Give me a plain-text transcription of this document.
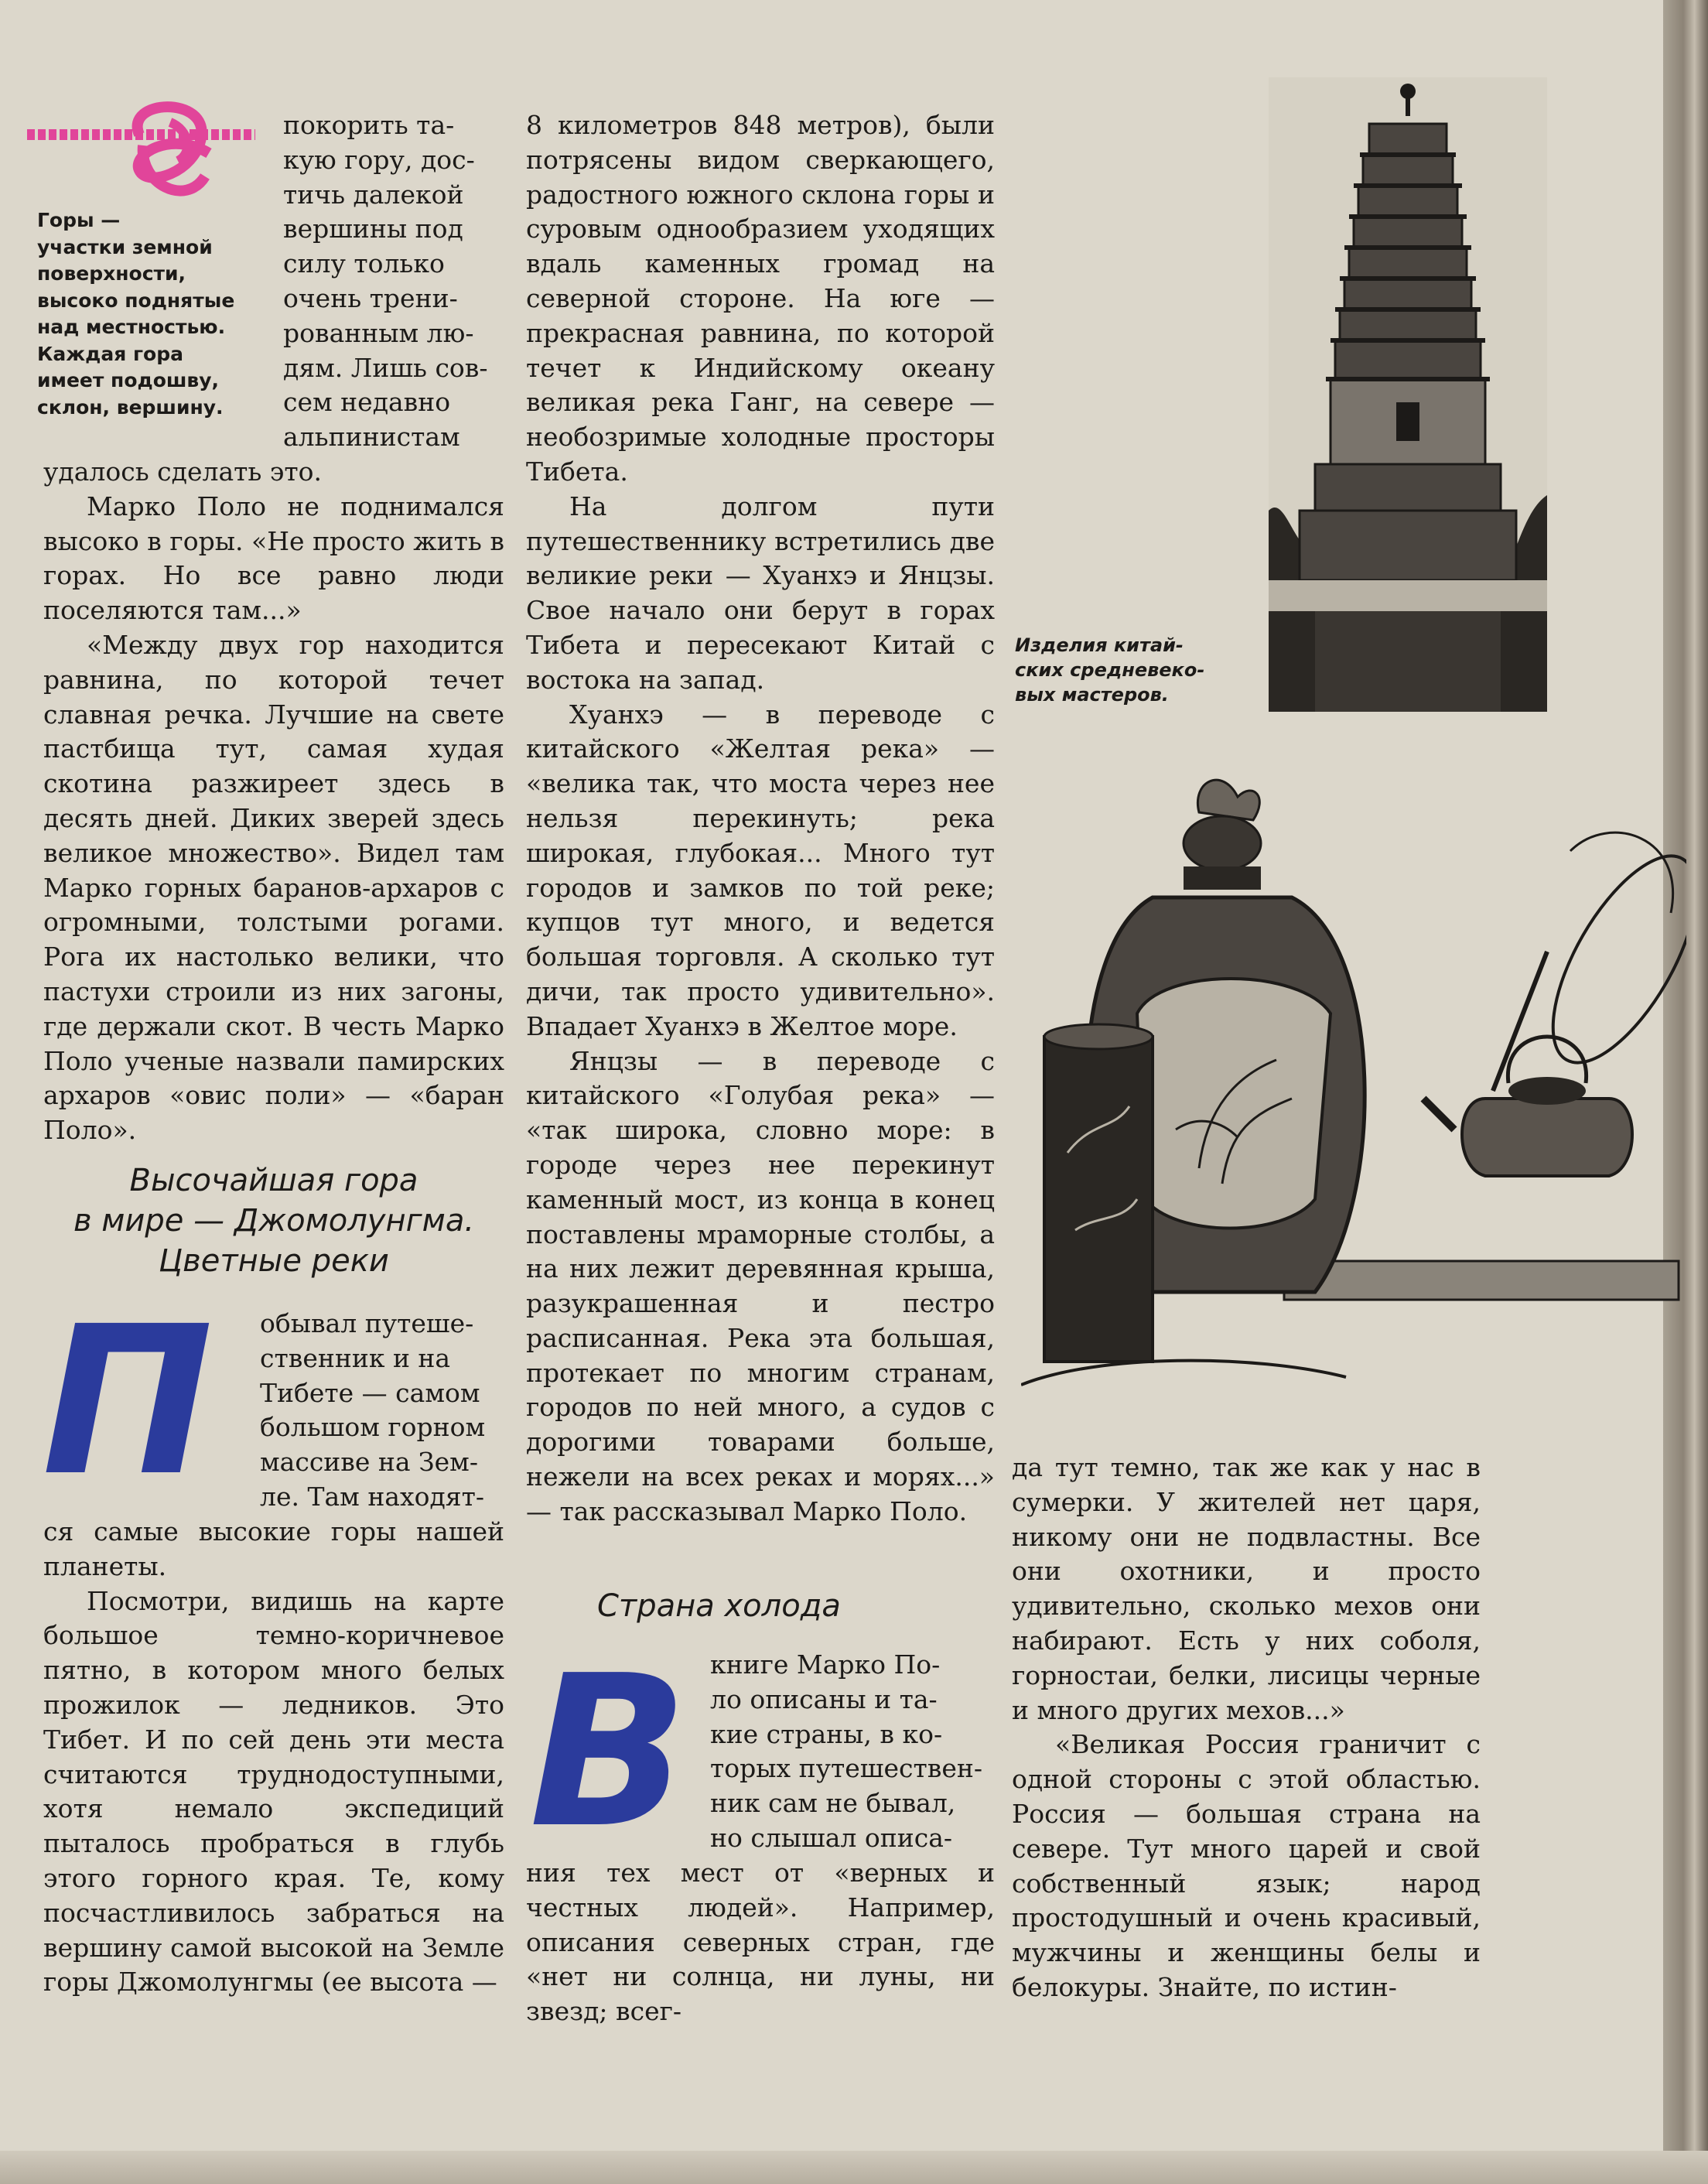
Горы —
участки земной
поверхности,
высоко поднятые
над местностью.
Каждая гора
имеет подошву,
склон, вершину.
покорить та-
кую гору, дос-
тичь далекой
вершины под
силу только
очень трени-
рованным лю-
дям. Лишь сов-
сем недавно
альпинистам

удалось сделать это.

Марко Поло не поднимался высоко в горы. «Не просто жить в горах. Но все равно люди поселяются там...»

«Между двух гор находится равнина, по которой течет славная речка. Лучшие на свете пастбища тут, самая худая скотина разжиреет здесь в десять дней. Диких зверей здесь великое множество». Видел там Марко горных баранов-архаров с огромными, толстыми рогами. Рога их настолько велики, что пастухи строили из них загоны, где держали скот. В честь Марко Поло ученые назвали памирских архаров «овис поли» — «баран Поло».

Высочайшая гора
в мире — Джомолунгма.
Цветные реки
П обывал путеше-
ственник и на
Тибете — самом
большом горном
массиве на Зем-
ле. Там находят-

ся самые высокие горы нашей планеты.

Посмотри, видишь на карте большое темно-коричневое пятно, в котором много белых прожилок — ледников. Это Тибет. И по сей день эти места считаются труднодоступными, хотя немало экспедиций пыталось пробраться в глубь этого горного края. Те, кому посчастливилось забраться на вершину самой высокой на Земле горы Джомолунгмы (ее высота —

8 километров 848 метров), были потрясены видом сверкающего, радостного южного склона горы и суровым однообразием уходящих вдаль каменных громад на северной стороне. На юге — прекрасная равнина, по которой течет к Индийскому океану великая река Ганг, на севере — необозримые холодные просторы Тибета.

На долгом пути путешественнику встретились две великие реки — Хуанхэ и Янцзы. Свое начало они берут в горах Тибета и пересекают Китай с востока на запад.

Хуанхэ — в переводе с китайского «Желтая река» — «велика так, что моста через нее нельзя перекинуть; река широкая, глубокая... Много тут городов и замков по той реке; купцов тут много, и ведется большая торговля. А сколько тут дичи, так просто удивительно». Впадает Хуанхэ в Желтое море.

Янцзы — в переводе с китайского «Голубая река» — «так широка, словно море: в городе через нее перекинут каменный мост, из конца в конец поставлены мраморные столбы, а на них лежит деревянная крыша, разукрашенная и пестро расписанная. Река эта большая, протекает по многим странам, городов по ней много, а судов с дорогими товарами больше, нежели на всех реках и морях...» — так рассказывал Марко Поло.

Страна холода
В книге Марко По-
ло описаны и та-
кие страны, в ко-
торых путешествен-
ник сам не бывал,
но слышал описа-

ния тех мест от «верных и честных людей». Например, описания северных стран, где «нет ни солнца, ни луны, ни звезд; всег-

Изделия китай-
ских средневеко-
вых мастеров.

да тут темно, так же как у нас в сумерки. У жителей нет царя, никому они не подвластны. Все они охотники, и просто удивительно, сколько мехов они набирают. Есть у них соболя, горностаи, белки, лисицы черные и много других мехов...»

«Великая Россия граничит с одной стороны с этой областью. Россия — большая страна на севере. Тут много царей и свой собственный язык; народ простодушный и очень красивый, мужчины и женщины белы и белокуры. Знайте, по истин-
